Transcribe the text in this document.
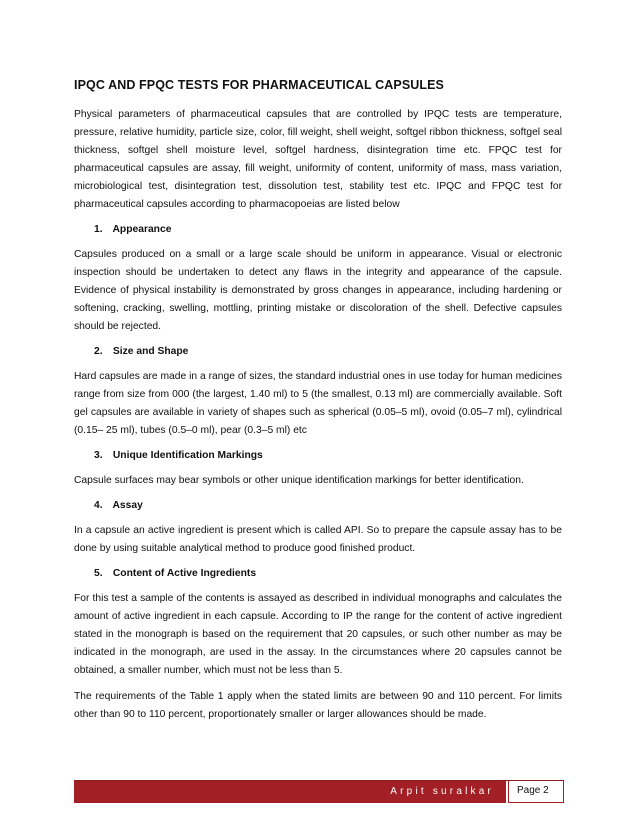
IPQC AND FPQC TESTS FOR PHARMACEUTICAL CAPSULES

Physical parameters of pharmaceutical capsules that are controlled by IPQC tests are temperature, pressure, relative humidity, particle size, color, fill weight, shell weight, softgel ribbon thickness, softgel seal thickness, softgel shell moisture level, softgel hardness, disintegration time etc. FPQC test for pharmaceutical capsules are assay, fill weight, uniformity of content, uniformity of mass, mass variation, microbiological test, disintegration test, dissolution test, stability test etc. IPQC and FPQC test for pharmaceutical capsules according to pharmacopoeias are listed below

1. Appearance

Capsules produced on a small or a large scale should be uniform in appearance. Visual or electronic inspection should be undertaken to detect any flaws in the integrity and appearance of the capsule. Evidence of physical instability is demonstrated by gross changes in appearance, including hardening or softening, cracking, swelling, mottling, printing mistake or discoloration of the shell. Defective capsules should be rejected.

2. Size and Shape

Hard capsules are made in a range of sizes, the standard industrial ones in use today for human medicines range from size from 000 (the largest, 1.40 ml) to 5 (the smallest, 0.13 ml) are commercially available. Soft gel capsules are available in variety of shapes such as spherical (0.05–5 ml), ovoid (0.05–7 ml), cylindrical (0.15– 25 ml), tubes (0.5–0 ml), pear (0.3–5 ml) etc

3. Unique Identification Markings

Capsule surfaces may bear symbols or other unique identification markings for better identification.

4. Assay

In a capsule an active ingredient is present which is called API. So to prepare the capsule assay has to be done by using suitable analytical method to produce good finished product.

5. Content of Active Ingredients

For this test a sample of the contents is assayed as described in individual monographs and calculates the amount of active ingredient in each capsule. According to IP the range for the content of active ingredient stated in the monograph is based on the requirement that 20 capsules, or such other number as may be indicated in the monograph, are used in the assay. In the circumstances where 20 capsules cannot be obtained, a smaller number, which must not be less than 5.

The requirements of the Table 1 apply when the stated limits are between 90 and 110 percent. For limits other than 90 to 110 percent, proportionately smaller or larger allowances should be made.

Arpit suralkar	Page 2
